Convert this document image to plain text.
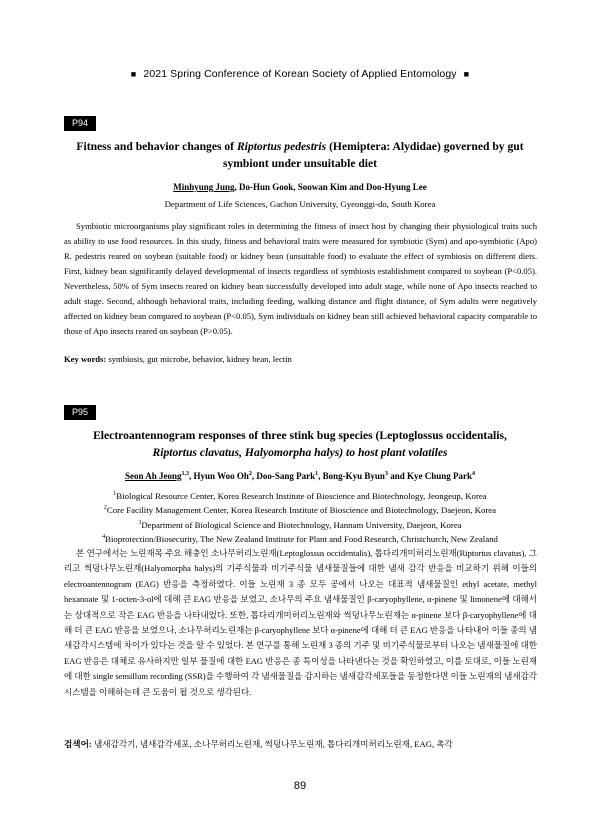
■ 2021 Spring Conference of Korean Society of Applied Entomology ■
P94
Fitness and behavior changes of Riptortus pedestris (Hemiptera: Alydidae) governed by gut symbiont under unsuitable diet
Minhyung Jung, Do-Hun Gook, Soowan Kim and Doo-Hyung Lee
Department of Life Sciences, Gachon University, Gyeonggi-do, South Korea

Symbiotic microorganisms play significant roles in determining the fitness of insect host by changing their physiological traits such as ability to use food resources. In this study, fitness and behavioral traits were measured for symbiotic (Sym) and apo-symbiotic (Apo) R. pedestris reared on soybean (suitable food) or kidney bean (unsuitable food) to evaluate the effect of symbiosis on different diets. First, kidney bean significantly delayed developmental of insects regardless of symbiosis establishment compared to soybean (P<0.05). Nevertheless, 50% of Sym insects reared on kidney bean successfully developed into adult stage, while none of Apo insects reached to adult stage. Second, although behavioral traits, including feeding, walking distance and flight distance, of Sym adults were negatively affected on kidney bean compared to soybean (P<0.05), Sym individuals on kidney bean still achieved behavioral capacity comparable to those of Apo insects reared on soybean (P>0.05).

Key words: symbiosis, gut microbe, behavior, kidney bean, lectin
P95
Electroantennogram responses of three stink bug species (Leptoglossus occidentalis,
Riptortus clavatus, Halyomorpha halys) to host plant volatiles
Seon Ah Jeong$^{1,3}$, Hyun Woo Oh$^2$, Doo-Sang Park$^1$, Bong-Kyu Byun$^3$ and Kye Chung Park$^4$
$^1$Biological Resource Center, Korea Research Institute of Bioscience and Biotechnology, Jeongeup, Korea
$^2$Core Facility Management Center, Korea Research Institute of Bioscience and Biotechnology, Daejeon, Korea
$^3$Department of Biological Science and Biotechnology, Hannam University, Daejeon, Korea
$^4$Bioprotection/Biosecurity, The New Zealand Institute for Plant and Food Research, Christchurch, New Zealand

본 연구에서는 노린재목 주요 해충인 소나무허리노린재(Leptoglossus occidentalis), 톱다리개미허리노린재(Riptortus clavatus), 그리고 썩덩나무노린재(Halyomorpha halys)의 기주식물과 비기주식물 냄새물질들에 대한 냄새 감각 반응을 비교하기 위해 이들의 electroantennogram (EAG) 반응을 측정하였다. 이들 노린재 3 종 모두 공에서 나오는 대표적 냄새물질인 ethyl acetate, methyl hexanoate 및 1-octen-3-ol에 대해 큰 EAG 반응을 보였고, 소나무의 주요 냄새물질인 β-caryophyllene, α-pinene 및 limonene에 대해서는 상대적으로 작은 EAG 반응을 나타내었다. 또한, 톱다리개미허리노린재와 썩덩나무노린재는 α-pinene 보다 β-caryophyllene에 대해 더 큰 EAG 반응을 보였으나, 소나무허리노린재는 β-caryophyllene 보다 α-pinene에 대해 더 큰 EAG 반응을 나타내어 이들 종의 냄새감각시스템에 차이가 있다는 것을 알 수 있었다. 본 연구를 통해 노린재 3 종의 기주 및 비기주식물로부터 나오는 냄새물질에 대한 EAG 반응은 대체로 유사하지만 일부 물질에 대한 EAG 반응은 종 특이성을 나타낸다는 것을 확인하였고, 이를 토대로, 이들 노린재에 대한 single sensillum recording (SSR)을 수행하여 각 냄새물질을 감지하는 냄새감각세포들을 동정한다면 이들 노린재의 냄새감각시스템을 이해하는데 큰 도움이 될 것으로 생각된다.

검색어: 냄새감각기, 냄새감각세포, 소나무허리노린재, 썩덩나무노린재, 톱다리개미허리노린재, EAG, 촉각
89
